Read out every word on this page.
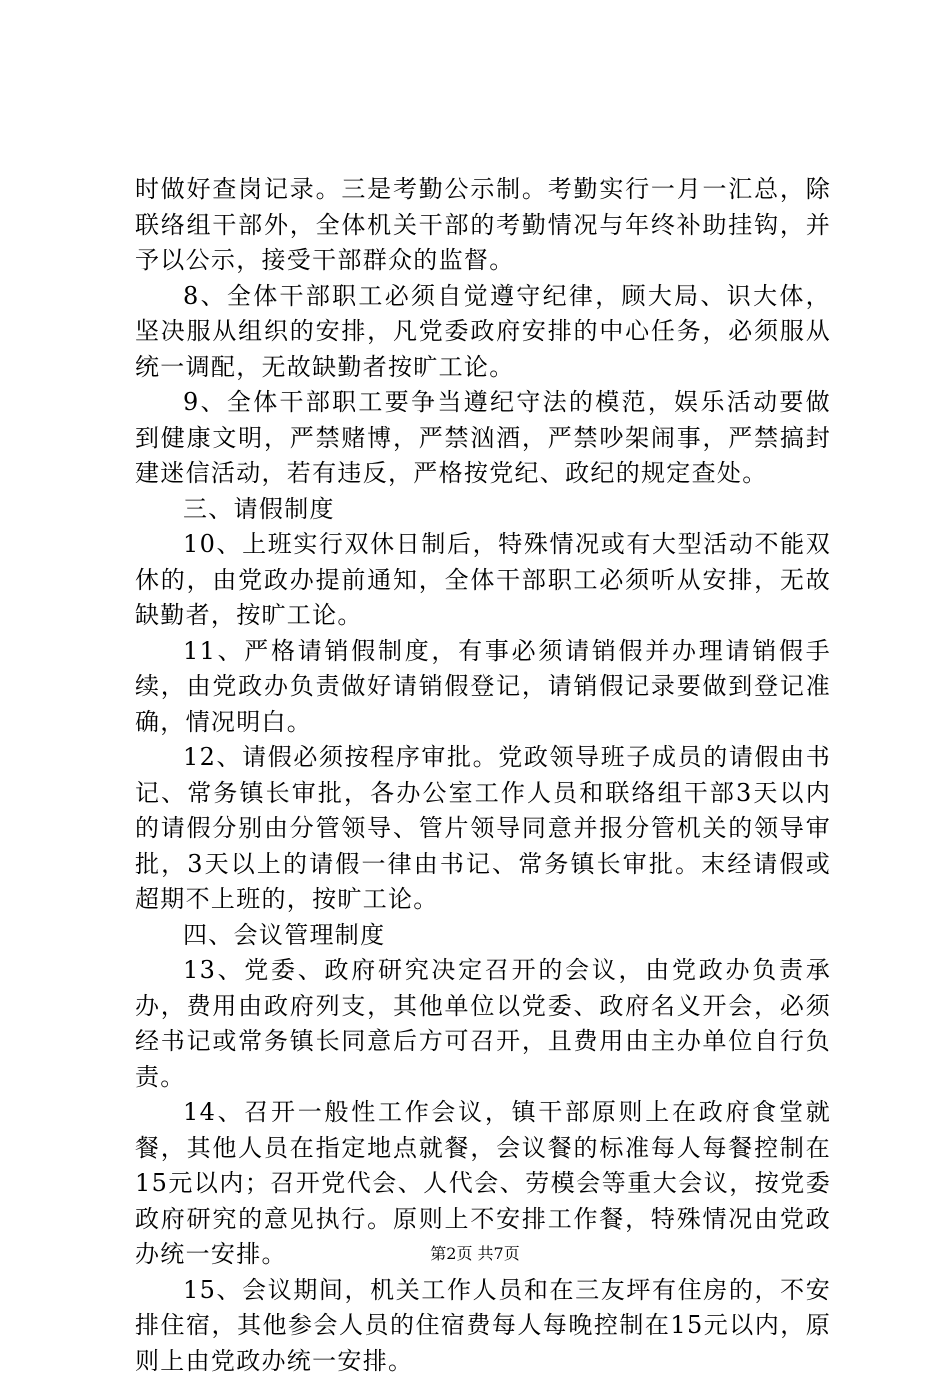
时做好查岗记录。三是考勤公示制。考勤实行一月一汇总，除联络组干部外，全体机关干部的考勤情况与年终补助挂钩，并予以公示，接受干部群众的监督。

8、全体干部职工必须自觉遵守纪律，顾大局、识大体，坚决服从组织的安排，凡党委政府安排的中心任务，必须服从统一调配，无故缺勤者按旷工论。

9、全体干部职工要争当遵纪守法的模范，娱乐活动要做到健康文明，严禁赌博，严禁汹酒，严禁吵架闹事，严禁搞封建迷信活动，若有违反，严格按党纪、政纪的规定查处。

三、请假制度

10、上班实行双休日制后，特殊情况或有大型活动不能双休的，由党政办提前通知，全体干部职工必须听从安排，无故缺勤者，按旷工论。

11、严格请销假制度，有事必须请销假并办理请销假手续，由党政办负责做好请销假登记，请销假记录要做到登记准确，情况明白。

12、请假必须按程序审批。党政领导班子成员的请假由书记、常务镇长审批，各办公室工作人员和联络组干部3天以内的请假分别由分管领导、管片领导同意并报分管机关的领导审批，3天以上的请假一律由书记、常务镇长审批。末经请假或超期不上班的，按旷工论。

四、会议管理制度

13、党委、政府研究决定召开的会议，由党政办负责承办，费用由政府列支，其他单位以党委、政府名义开会，必须经书记或常务镇长同意后方可召开，且费用由主办单位自行负责。

14、召开一般性工作会议，镇干部原则上在政府食堂就餐，其他人员在指定地点就餐，会议餐的标准每人每餐控制在15元以内；召开党代会、人代会、劳模会等重大会议，按党委政府研究的意见执行。原则上不安排工作餐，特殊情况由党政办统一安排。

15、会议期间，机关工作人员和在三友坪有住房的，不安排住宿，其他参会人员的住宿费每人每晚控制在15元以内，原则上由党政办统一安排。

第2页 共7页
